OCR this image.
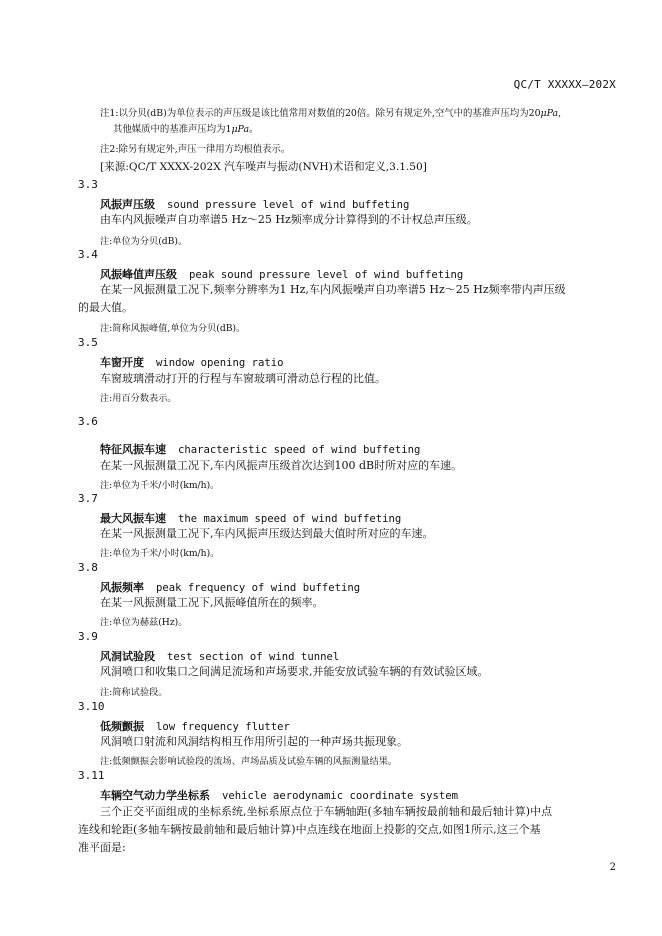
QC/T XXXXX—202X
注1:以分贝(dB)为单位表示的声压级是该比值常用对数值的20倍。除另有规定外,空气中的基准声压均为20μPa,
其他媒质中的基准声压均为1μPa。
注2:除另有规定外,声压一律用方均根值表示。
[来源:QC/T XXXX-202X 汽车噪声与振动(NVH)术语和定义,3.1.50]
3.3
风振声压级 sound pressure level of wind buffeting
由车内风振噪声自功率谱5 Hz～25 Hz频率成分计算得到的不计权总声压级。
注:单位为分贝(dB)。
3.4
风振峰值声压级 peak sound pressure level of wind buffeting
在某一风振测量工况下,频率分辨率为1 Hz,车内风振噪声自功率谱5 Hz～25 Hz频率带内声压级
的最大值。
注:简称风振峰值,单位为分贝(dB)。
3.5
车窗开度 window opening ratio
车窗玻璃滑动打开的行程与车窗玻璃可滑动总行程的比值。
注:用百分数表示。
3.6
特征风振车速 characteristic speed of wind buffeting
在某一风振测量工况下,车内风振声压级首次达到100 dB时所对应的车速。
注:单位为千米/小时(km/h)。
3.7
最大风振车速 the maximum speed of wind buffeting
在某一风振测量工况下,车内风振声压级达到最大值时所对应的车速。
注:单位为千米/小时(km/h)。
3.8
风振频率 peak frequency of wind buffeting
在某一风振测量工况下,风振峰值所在的频率。
注:单位为赫兹(Hz)。
3.9
风洞试验段 test section of wind tunnel
风洞喷口和收集口之间满足流场和声场要求,并能安放试验车辆的有效试验区域。
注:简称试验段。
3.10
低频颤振 low frequency flutter
风洞喷口射流和风洞结构相互作用所引起的一种声场共振现象。
注:低频颤振会影响试验段的流场、声场品质及试验车辆的风振测量结果。
3.11
车辆空气动力学坐标系 vehicle aerodynamic coordinate system
三个正交平面组成的坐标系统,坐标系原点位于车辆轴距(多轴车辆按最前轴和最后轴计算)中点
连线和轮距(多轴车辆按最前轴和最后轴计算)中点连线在地面上投影的交点,如图1所示,这三个基
准平面是:
2
